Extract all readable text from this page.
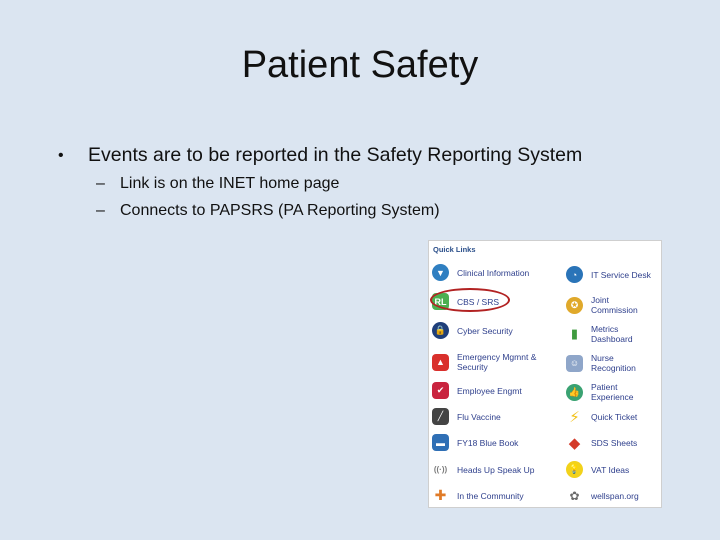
Patient Safety
•	Events are to be reported in the Safety Reporting System
– Link is on the INET home page
– Connects to PAPSRS (PA Reporting System)
Quick Links
▼	Clinical Information
RL CBS / SRS
🔒	Cyber Security
▲	Emergency Mgmnt & Security
✔	Employee Engmt
╱	Flu Vaccine
▬	FY18 Blue Book
((·)) Heads Up Speak Up
✚	In the Community
◔	IT Service Desk
✪	Joint Commission
▮	Metrics Dashboard
☺	Nurse Recognition
👍	Patient Experience
⚡	Quick Ticket
◆	SDS Sheets
💡	VAT Ideas
✿	wellspan.org
